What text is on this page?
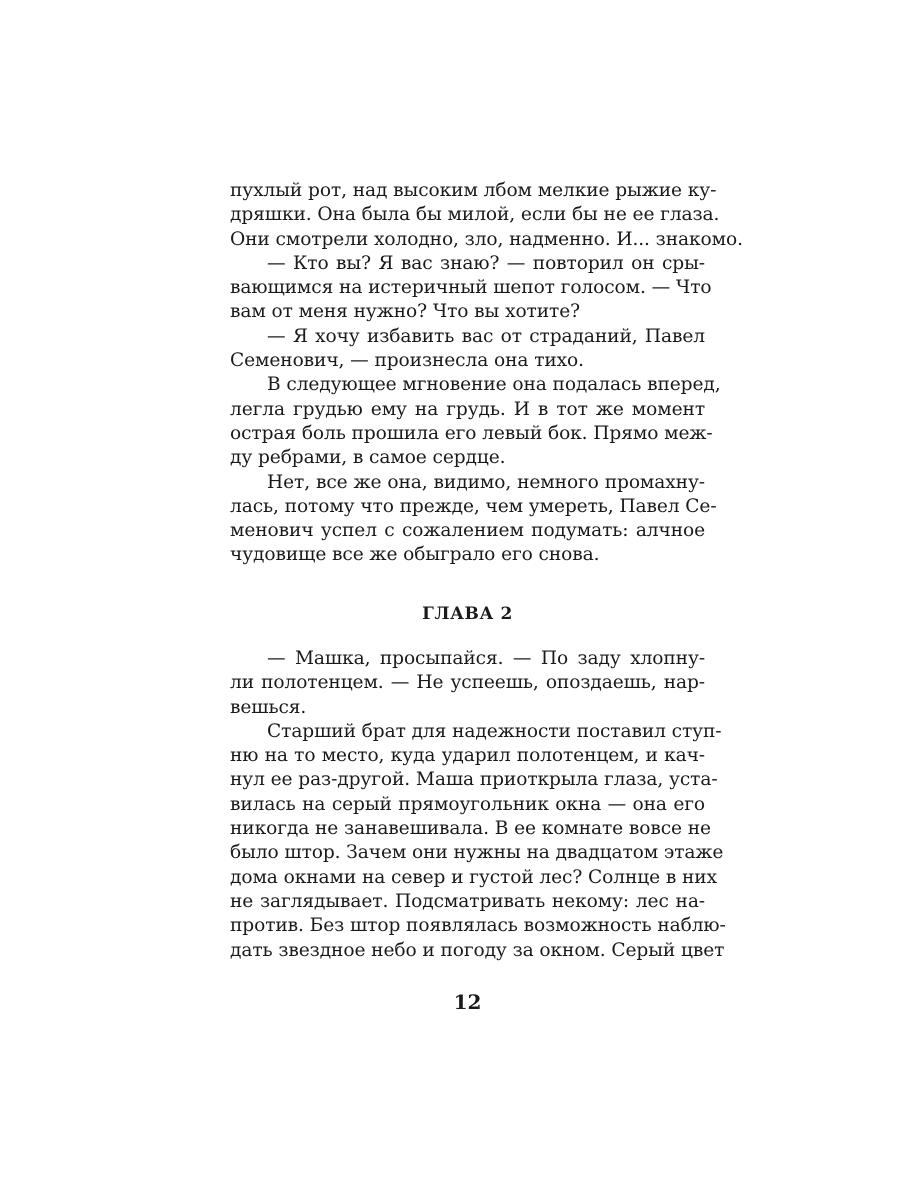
пухлый рот, над высоким лбом мелкие рыжие ку-
дряшки. Она была бы милой, если бы не ее глаза.
Они смотрели холодно, зло, надменно. И... знакомо.
— Кто вы? Я вас знаю? — повторил он сры-
вающимся на истеричный шепот голосом. — Что
вам от меня нужно? Что вы хотите?
— Я хочу избавить вас от страданий, Павел
Семенович, — произнесла она тихо.
В следующее мгновение она подалась вперед,
легла грудью ему на грудь. И в тот же момент
острая боль прошила его левый бок. Прямо меж-
ду ребрами, в самое сердце.
Нет, все же она, видимо, немного промахну-
лась, потому что прежде, чем умереть, Павел Се-
менович успел с сожалением подумать: алчное
чудовище все же обыграло его снова.
ГЛАВА 2
— Машка, просыпайся. — По заду хлопну-
ли полотенцем. — Не успеешь, опоздаешь, нар-
вешься.
Старший брат для надежности поставил ступ-
ню на то место, куда ударил полотенцем, и кач-
нул ее раз-другой. Маша приоткрыла глаза, уста-
вилась на серый прямоугольник окна — она его
никогда не занавешивала. В ее комнате вовсе не
было штор. Зачем они нужны на двадцатом этаже
дома окнами на север и густой лес? Солнце в них
не заглядывает. Подсматривать некому: лес на-
против. Без штор появлялась возможность наблю-
дать звездное небо и погоду за окном. Серый цвет
12
